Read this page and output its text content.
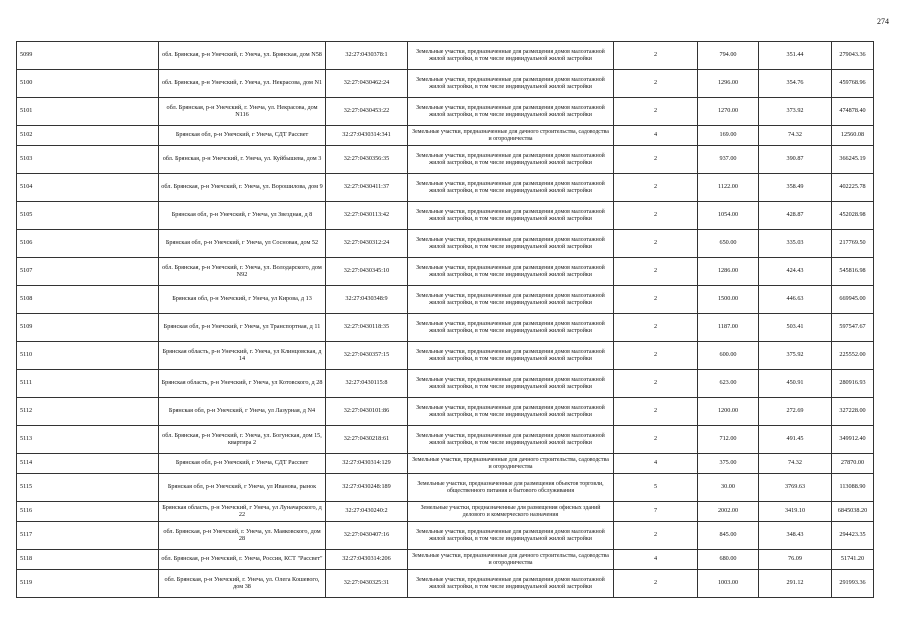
274
5099	обл. Брянская, р-н Унечский, г. Унеча, ул. Брянская, дом N58	32:27:0430378:1	Земельные участки, предназначенные для размещения домов малоэтажной жилой застройки, в том числе индивидуальной жилой застройки	2	794.00	351.44	279043.36
5100	обл. Брянская, р-н Унечский, г. Унеча, ул. Некрасова, дом N1	32:27:0430462:24	Земельные участки, предназначенные для размещения домов малоэтажной жилой застройки, в том числе индивидуальной жилой застройки	2	1296.00	354.76	459768.96
5101	обл. Брянская, р-н Унечский, г. Унеча, ул. Некрасова, дом N116	32:27:0430453:22	Земельные участки, предназначенные для размещения домов малоэтажной жилой застройки, в том числе индивидуальной жилой застройки	2	1270.00	373.92	474878.40
5102	Брянская обл, р-н Унечский, г Унеча, СДТ Рассвет	32:27:0430314:341	Земельные участки, предназначенные для дачного строительства, садоводства и огородничества	4	169.00	74.32	12560.08
5103	обл. Брянская, р-н Унечский, г. Унеча, ул. Куйбышева, дом 3	32:27:0430356:35	Земельные участки, предназначенные для размещения домов малоэтажной жилой застройки, в том числе индивидуальной жилой застройки	2	937.00	390.87	366245.19
5104	обл. Брянская, р-н Унечский, г. Унеча, ул. Ворошилова, дом 9	32:27:0430411:37	Земельные участки, предназначенные для размещения домов малоэтажной жилой застройки, в том числе индивидуальной жилой застройки	2	1122.00	358.49	402225.78
5105	Брянская обл, р-н Унечский, г Унеча, ул Звездная, д 8	32:27:0430113:42	Земельные участки, предназначенные для размещения домов малоэтажной жилой застройки, в том числе индивидуальной жилой застройки	2	1054.00	428.87	452028.98
5106	Брянская обл, р-н Унечский, г Унеча, ул Сосновая, дом 52	32:27:0430312:24	Земельные участки, предназначенные для размещения домов малоэтажной жилой застройки, в том числе индивидуальной жилой застройки	2	650.00	335.03	217769.50
5107	обл. Брянская, р-н Унечский, г. Унеча, ул. Володарского, дом N92	32:27:0430345:10	Земельные участки, предназначенные для размещения домов малоэтажной жилой застройки, в том числе индивидуальной жилой застройки	2	1286.00	424.43	545816.98
5108	Брянская обл, р-н Унечский, г Унеча, ул Кирова, д 13	32:27:0430348:9	Земельные участки, предназначенные для размещения домов малоэтажной жилой застройки, в том числе индивидуальной жилой застройки	2	1500.00	446.63	669945.00
5109	Брянская обл, р-н Унечский, г Унеча, ул Транспортная, д 11	32:27:0430118:35	Земельные участки, предназначенные для размещения домов малоэтажной жилой застройки, в том числе индивидуальной жилой застройки	2	1187.00	503.41	597547.67
5110	Брянская область, р-н Унечский, г. Унеча, ул Клинцовская, д 14	32:27:0430357:15	Земельные участки, предназначенные для размещения домов малоэтажной жилой застройки, в том числе индивидуальной жилой застройки	2	600.00	375.92	225552.00
5111	Брянская область, р-н Унечский, г Унеча, ул Котовского, д 28	32:27:0430115:8	Земельные участки, предназначенные для размещения домов малоэтажной жилой застройки, в том числе индивидуальной жилой застройки	2	623.00	450.91	280916.93
5112	Брянская обл, р-н Унечский, г Унеча, ул Лазурная, д N4	32:27:0430101:86	Земельные участки, предназначенные для размещения домов малоэтажной жилой застройки, в том числе индивидуальной жилой застройки	2	1200.00	272.69	327228.00
5113	обл. Брянская, р-н Унечский, г. Унеча, ул. Богунская, дом 15, квартира 2	32:27:0430218:61	Земельные участки, предназначенные для размещения домов малоэтажной жилой застройки, в том числе индивидуальной жилой застройки	2	712.00	491.45	349912.40
5114	Брянская обл, р-н Унечский, г Унеча, СДТ Рассвет	32:27:0430314:129	Земельные участки, предназначенные для дачного строительства, садоводства и огородничества	4	375.00	74.32	27870.00
5115	Брянская обл, р-н Унечский, г Унеча, ул Иванова, рынок	32:27:0430248:189	Земельные участки, предназначенные для размещения объектов торговли, общественного питания и бытового обслуживания	5	30.00	3769.63	113088.90
5116	Брянская область, р-н Унечский, г Унеча, ул Луначарского, д 22	32:27:0430240:2	Земельные участки, предназначенные для размещения офисных зданий делового и коммерческого назначения	7	2002.00	3419.10	6845038.20
5117	обл. Брянская, р-н Унечский, г. Унеча, ул. Маяковского, дом 28	32:27:0430407:16	Земельные участки, предназначенные для размещения домов малоэтажной жилой застройки, в том числе индивидуальной жилой застройки	2	845.00	348.43	294423.35
5118	обл. Брянская, р-н Унечский, г. Унеча, Россия, КСТ "Рассвет"	32:27:0430314:206	Земельные участки, предназначенные для дачного строительства, садоводства и огородничества	4	680.00	76.09	51741.20
5119	обл. Брянская, р-н Унечский, г. Унеча, ул. Олега Кошевого, дом 38	32:27:0430325:31	Земельные участки, предназначенные для размещения домов малоэтажной жилой застройки, в том числе индивидуальной жилой застройки	2	1003.00	291.12	291993.36
